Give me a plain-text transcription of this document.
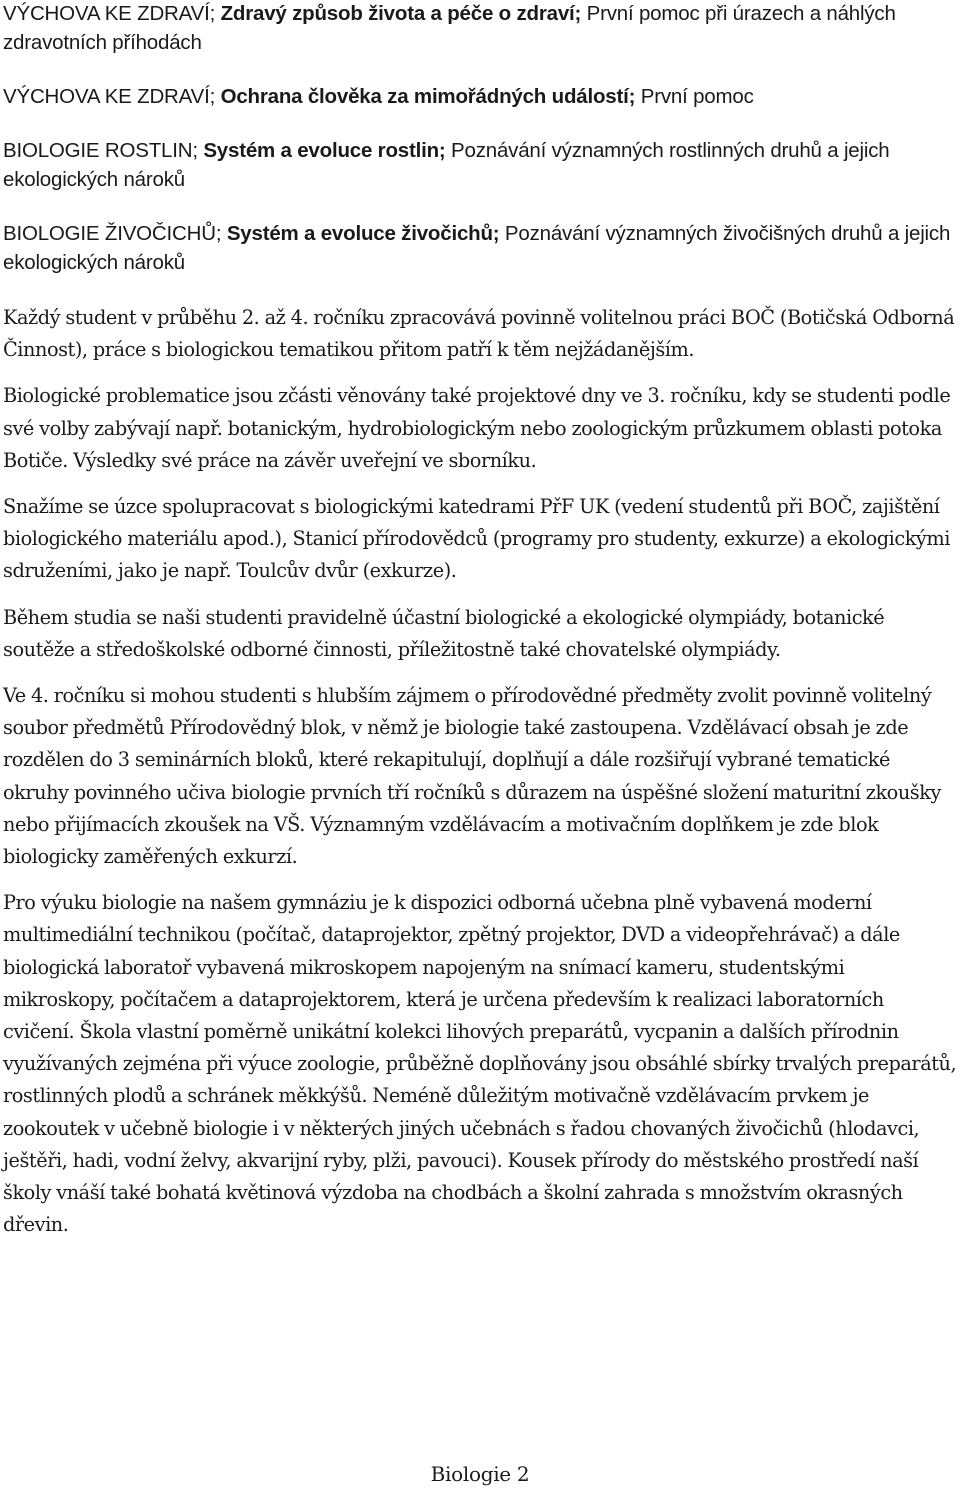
VÝCHOVA KE ZDRAVÍ; Zdravý způsob života a péče o zdraví; První pomoc při úrazech a náhlých zdravotních příhodách
VÝCHOVA KE ZDRAVÍ; Ochrana člověka za mimořádných událostí; První pomoc
BIOLOGIE ROSTLIN; Systém a evoluce rostlin; Poznávání významných rostlinných druhů a jejich ekologických nároků
BIOLOGIE ŽIVOČICHŮ; Systém a evoluce živočichů; Poznávání významných živočišných druhů a jejich ekologických nároků

Každý student v průběhu 2. až 4. ročníku zpracovává povinně volitelnou práci BOČ (Botičská Odborná Činnost), práce s biologickou tematikou přitom patří k těm nejžádanějším.

Biologické problematice jsou zčásti věnovány také projektové dny ve 3. ročníku, kdy se studenti podle své volby zabývají např. botanickým, hydrobiologickým nebo zoologickým průzkumem oblasti potoka Botiče. Výsledky své práce na závěr uveřejní ve sborníku.

Snažíme se úzce spolupracovat s biologickými katedrami PřF UK (vedení studentů při BOČ, zajištění biologického materiálu apod.), Stanicí přírodovědců (programy pro studenty, exkurze) a ekologickými sdruženími, jako je např. Toulcův dvůr (exkurze).

Během studia se naši studenti pravidelně účastní biologické a ekologické olympiády, botanické soutěže a středoškolské odborné činnosti, příležitostně také chovatelské olympiády.

Ve 4. ročníku si mohou studenti s hlubším zájmem o přírodovědné předměty zvolit povinně volitelný soubor předmětů Přírodovědný blok, v němž je biologie také zastoupena. Vzdělávací obsah je zde rozdělen do 3 seminárních bloků, které rekapitulují, doplňují a dále rozšiřují vybrané tematické okruhy povinného učiva biologie prvních tří ročníků s důrazem na úspěšné složení maturitní zkoušky nebo přijímacích zkoušek na VŠ. Významným vzdělávacím a motivačním doplňkem je zde blok biologicky zaměřených exkurzí.

Pro výuku biologie na našem gymnáziu je k dispozici odborná učebna plně vybavená moderní multimediální technikou (počítač, dataprojektor, zpětný projektor, DVD a videopřehrávač) a dále biologická laboratoř vybavená mikroskopem napojeným na snímací kameru, studentskými mikroskopy, počítačem a dataprojektorem, která je určena především k realizaci laboratorních cvičení. Škola vlastní poměrně unikátní kolekci lihových preparátů, vycpanin a dalších přírodnin využívaných zejména při výuce zoologie, průběžně doplňovány jsou obsáhlé sbírky trvalých preparátů, rostlinných plodů a schránek měkkýšů. Neméně důležitým motivačně vzdělávacím prvkem je zookoutek v učebně biologie i v některých jiných učebnách s řadou chovaných živočichů (hlodavci, ještěři, hadi, vodní želvy, akvarijní ryby, plži, pavouci). Kousek přírody do městského prostředí naší školy vnáší také bohatá květinová výzdoba na chodbách a školní zahrada s množstvím okrasných dřevin.

Biologie 2
